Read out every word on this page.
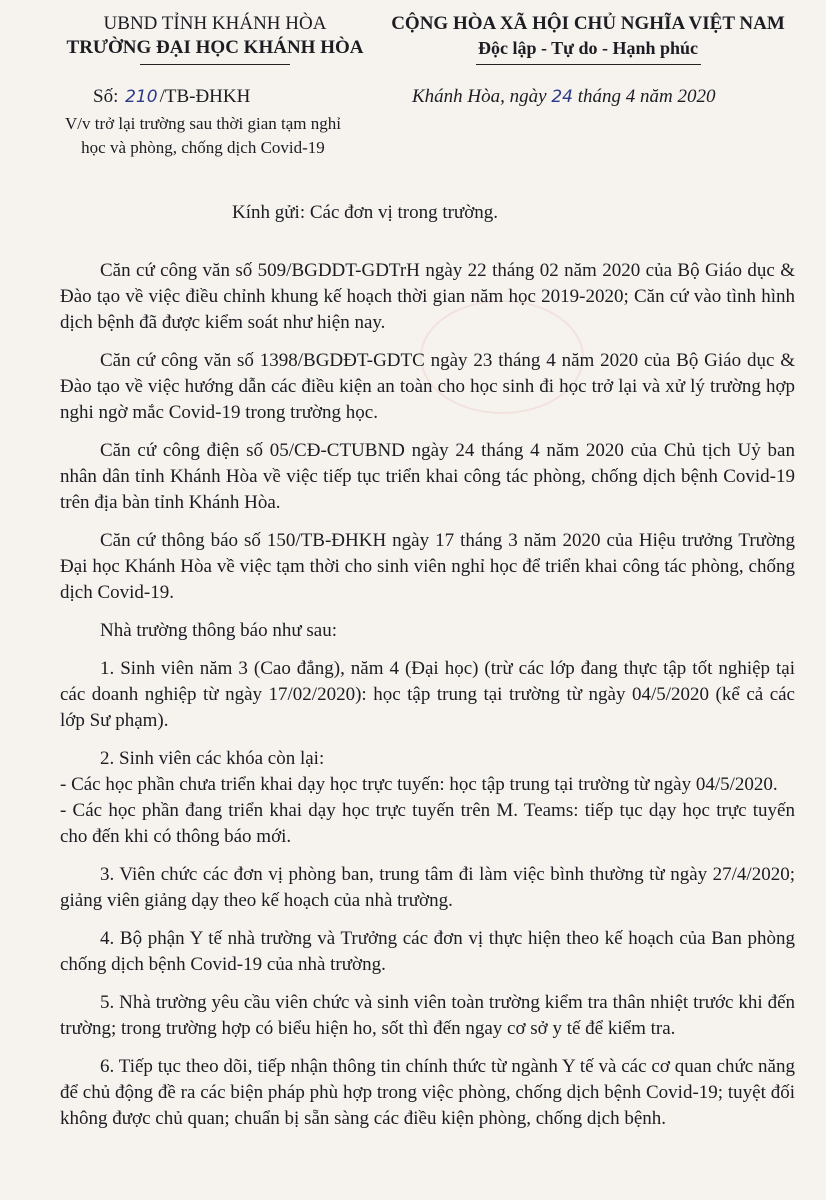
UBND TỈNH KHÁNH HÒA
TRƯỜNG ĐẠI HỌC KHÁNH HÒA
CỘNG HÒA XÃ HỘI CHỦ NGHĨA VIỆT NAM
Độc lập - Tự do - Hạnh phúc
Số: 210 /TB-ĐHKH
V/v trở lại trường sau thời gian tạm nghỉ
học và phòng, chống dịch Covid-19
Khánh Hòa, ngày 24 tháng 4 năm 2020
Kính gửi: Các đơn vị trong trường.

Căn cứ công văn số 509/BGDDT-GDTrH ngày 22 tháng 02 năm 2020 của Bộ Giáo dục & Đào tạo về việc điều chỉnh khung kế hoạch thời gian năm học 2019-2020; Căn cứ vào tình hình dịch bệnh đã được kiểm soát như hiện nay.

Căn cứ công văn số 1398/BGDĐT-GDTC ngày 23 tháng 4 năm 2020 của Bộ Giáo dục & Đào tạo về việc hướng dẫn các điều kiện an toàn cho học sinh đi học trở lại và xử lý trường hợp nghi ngờ mắc Covid-19 trong trường học.

Căn cứ công điện số 05/CĐ-CTUBND ngày 24 tháng 4 năm 2020 của Chủ tịch Uỷ ban nhân dân tỉnh Khánh Hòa về việc tiếp tục triển khai công tác phòng, chống dịch bệnh Covid-19 trên địa bàn tỉnh Khánh Hòa.

Căn cứ thông báo số 150/TB-ĐHKH ngày 17 tháng 3 năm 2020 của Hiệu trưởng Trường Đại học Khánh Hòa về việc tạm thời cho sinh viên nghỉ học để triển khai công tác phòng, chống dịch Covid-19.

Nhà trường thông báo như sau:

1. Sinh viên năm 3 (Cao đẳng), năm 4 (Đại học) (trừ các lớp đang thực tập tốt nghiệp tại các doanh nghiệp từ ngày 17/02/2020): học tập trung tại trường từ ngày 04/5/2020 (kể cả các lớp Sư phạm).

2. Sinh viên các khóa còn lại:

- Các học phần chưa triển khai dạy học trực tuyến: học tập trung tại trường từ ngày 04/5/2020.

- Các học phần đang triển khai dạy học trực tuyến trên M. Teams: tiếp tục dạy học trực tuyến cho đến khi có thông báo mới.

3. Viên chức các đơn vị phòng ban, trung tâm đi làm việc bình thường từ ngày 27/4/2020; giảng viên giảng dạy theo kế hoạch của nhà trường.

4. Bộ phận Y tế nhà trường và Trưởng các đơn vị thực hiện theo kế hoạch của Ban phòng chống dịch bệnh Covid-19 của nhà trường.

5. Nhà trường yêu cầu viên chức và sinh viên toàn trường kiểm tra thân nhiệt trước khi đến trường; trong trường hợp có biểu hiện ho, sốt thì đến ngay cơ sở y tế để kiểm tra.

6. Tiếp tục theo dõi, tiếp nhận thông tin chính thức từ ngành Y tế và các cơ quan chức năng để chủ động đề ra các biện pháp phù hợp trong việc phòng, chống dịch bệnh Covid-19; tuyệt đối không được chủ quan; chuẩn bị sẵn sàng các điều kiện phòng, chống dịch bệnh.
